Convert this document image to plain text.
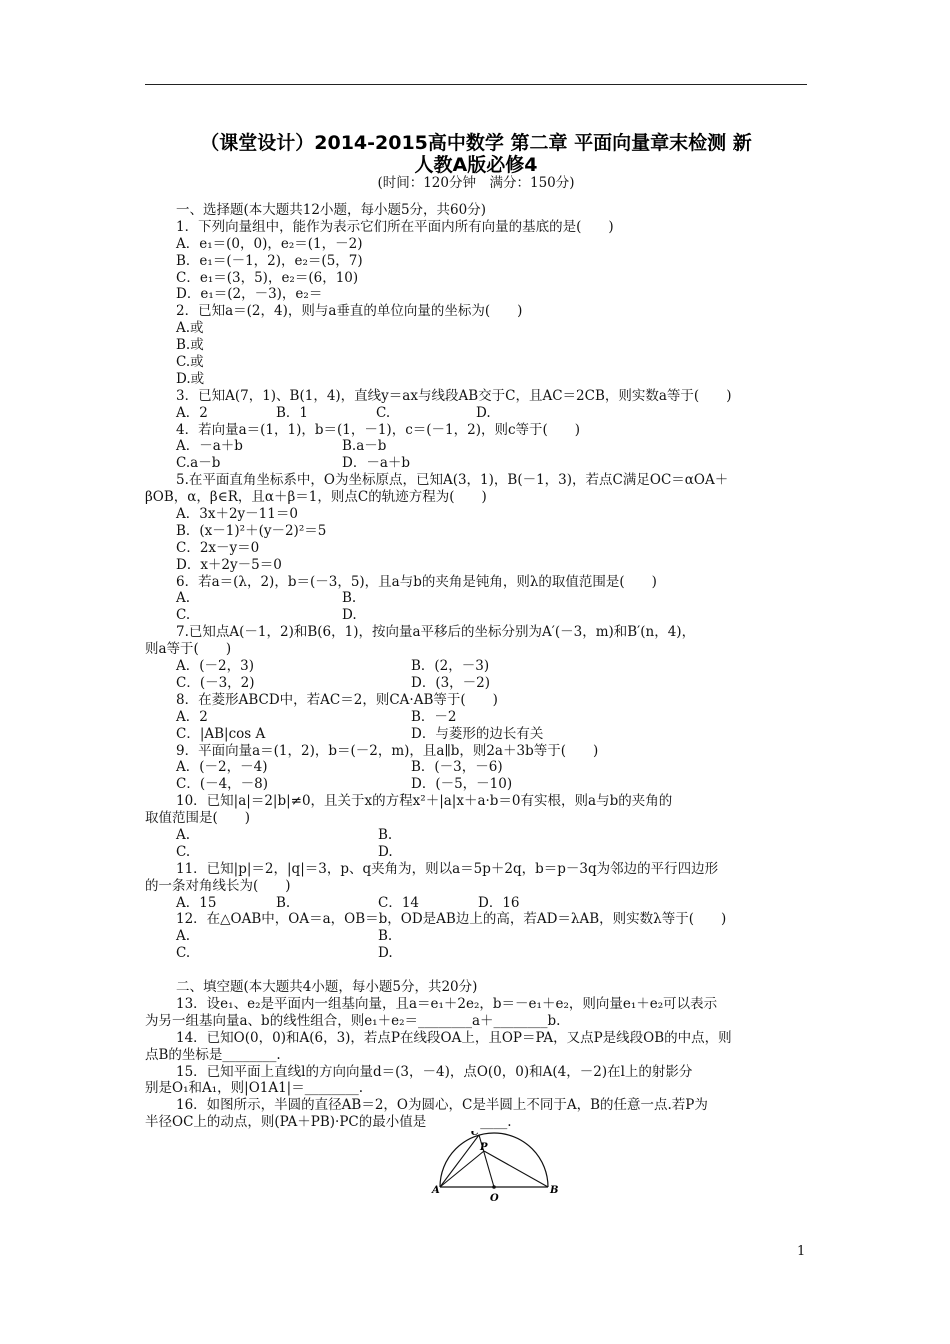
（课堂设计）2014-2015高中数学 第二章 平面向量章末检测 新
人教A版必修4
(时间：120分钟　满分：150分)
一、选择题(本大题共12小题，每小题5分，共60分)
1．下列向量组中，能作为表示它们所在平面内所有向量的基底的是(　　)
A．e₁＝(0，0)，e₂＝(1，－2)
B．e₁＝(－1，2)，e₂＝(5，7)
C．e₁＝(3，5)，e₂＝(6，10)
D．e₁＝(2，－3)，e₂＝
2．已知a＝(2，4)，则与a垂直的单位向量的坐标为(　　)
A.或
B.或
C.或
D.或
3．已知A(7，1)、B(1，4)，直线y＝ax与线段AB交于C，且AC＝2CB，则实数a等于(　　)
A．2	B．1	C.	D.
4．若向量a＝(1，1)，b＝(1，－1)，c＝(－1，2)，则c等于(　　)
A．－a＋b	B.a－b
C.a－b	D．－a＋b
5.在平面直角坐标系中，O为坐标原点，已知A(3，1)，B(－1，3)，若点C满足OC＝αOA＋
βOB，α，β∈R，且α＋β＝1，则点C的轨迹方程为(　　)
A．3x＋2y－11＝0
B．(x－1)²＋(y－2)²＝5
C．2x－y＝0
D．x＋2y－5＝0
6．若a＝(λ，2)，b＝(－3，5)，且a与b的夹角是钝角，则λ的取值范围是(　　)
A.	B.
C.	D.
7.已知点A(－1，2)和B(6，1)，按向量a平移后的坐标分别为A′(－3，m)和B′(n，4)，
则a等于(　　)
A．(－2，3)	B．(2，－3)
C．(－3，2)	D．(3，－2)
8．在菱形ABCD中，若AC＝2，则CA·AB等于(　　)
A．2	B．－2
C．|AB|cos A	D．与菱形的边长有关
9．平面向量a＝(1，2)，b＝(－2，m)，且a∥b，则2a＋3b等于(　　)
A．(－2，－4)	B．(－3，－6)
C．(－4，－8)	D．(－5，－10)
10．已知|a|＝2|b|≠0，且关于x的方程x²＋|a|x＋a·b＝0有实根，则a与b的夹角的
取值范围是(　　)
A.	B.
C.	D.
11．已知|p|＝2，|q|＝3，p、q夹角为，则以a＝5p＋2q，b＝p－3q为邻边的平行四边形
的一条对角线长为(　　)
A．15	B.	C．14	D．16
12．在△OAB中，OA＝a，OB＝b，OD是AB边上的高，若AD＝λAB，则实数λ等于(　　)
A.	B.
C.	D.
二、填空题(本大题共4小题，每小题5分，共20分)
13．设e₁、e₂是平面内一组基向量，且a＝e₁＋2e₂，b＝－e₁＋e₂，则向量e₁＋e₂可以表示
为另一组基向量a、b的线性组合，则e₁＋e₂＝________a＋________b.
14．已知O(0，0)和A(6，3)，若点P在线段OA上，且OP＝PA，又点P是线段OB的中点，则
点B的坐标是________.
15．已知平面上直线l的方向向量d＝(3，－4)，点O(0，0)和A(4，－2)在l上的射影分
别是O₁和A₁，则|O1A1|＝________.
16．如图所示，半圆的直径AB＝2，O为圆心，C是半圆上不同于A，B的任意一点.若P为
半径OC上的动点，则(PA＋PB)·PC的最小值是　　　　____.
A	B
C
P
O
1
